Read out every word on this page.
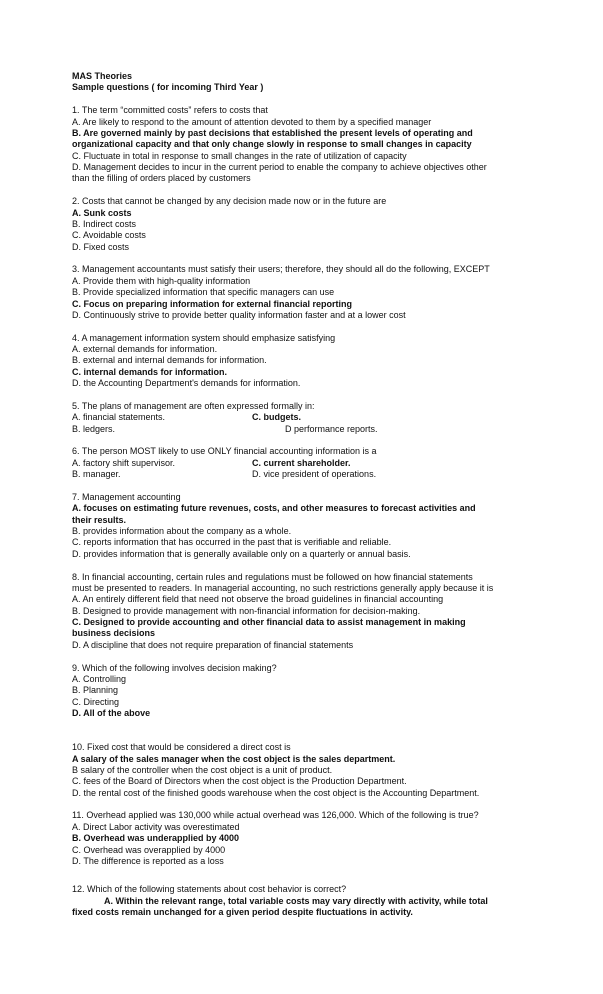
MAS Theories
Sample questions ( for incoming Third Year )
1. The term “committed costs” refers to costs that
A. Are likely to respond to the amount of attention devoted to them by a specified manager
B. Are governed mainly by past decisions that established the present levels of operating and
organizational capacity and that only change slowly in response to small changes in capacity
C. Fluctuate in total in response to small changes in the rate of utilization of capacity
D. Management decides to incur in the current period to enable the company to achieve objectives other
than the filling of orders placed by customers
2. Costs that cannot be changed by any decision made now or in the future are
A. Sunk costs
B. Indirect costs
C. Avoidable costs
D. Fixed costs
3. Management accountants must satisfy their users; therefore, they should all do the following, EXCEPT
A. Provide them with high-quality information
B. Provide specialized information that specific managers can use
C. Focus on preparing information for external financial reporting
D. Continuously strive to provide better quality information faster and at a lower cost
4. A management information system should emphasize satisfying
A. external demands for information.
B. external and internal demands for information.
C. internal demands for information.
D. the Accounting Department's demands for information.
5. The plans of management are often expressed formally in:
A. financial statements.	C. budgets.
B. ledgers.	D performance reports.
6. The person MOST likely to use ONLY financial accounting information is a
A. factory shift supervisor.	C. current shareholder.
B. manager.	D. vice president of operations.
7. Management accounting
A. focuses on estimating future revenues, costs, and other measures to forecast activities and
their results.
B. provides information about the company as a whole.
C. reports information that has occurred in the past that is verifiable and reliable.
D. provides information that is generally available only on a quarterly or annual basis.
8. In financial accounting, certain rules and regulations must be followed on how financial statements
must be presented to readers. In managerial accounting, no such restrictions generally apply because it is
A. An entirely different field that need not observe the broad guidelines in financial accounting
B. Designed to provide management with non-financial information for decision-making.
C. Designed to provide accounting and other financial data to assist management in making
business decisions
D. A discipline that does not require preparation of financial statements
9. Which of the following involves decision making?
A. Controlling
B. Planning
C. Directing
D. All of the above
10. Fixed cost that would be considered a direct cost is
A salary of the sales manager when the cost object is the sales department.
B salary of the controller when the cost object is a unit of product.
C. fees of the Board of Directors when the cost object is the Production Department.
D. the rental cost of the finished goods warehouse when the cost object is the Accounting Department.
11. Overhead applied was 130,000 while actual overhead was 126,000. Which of the following is true?
A. Direct Labor activity was overestimated
B. Overhead was underapplied by 4000
C. Overhead was overapplied by 4000
D. The difference is reported as a loss
12. Which of the following statements about cost behavior is correct?
A. Within the relevant range, total variable costs may vary directly with activity, while total
fixed costs remain unchanged for a given period despite fluctuations in activity.
